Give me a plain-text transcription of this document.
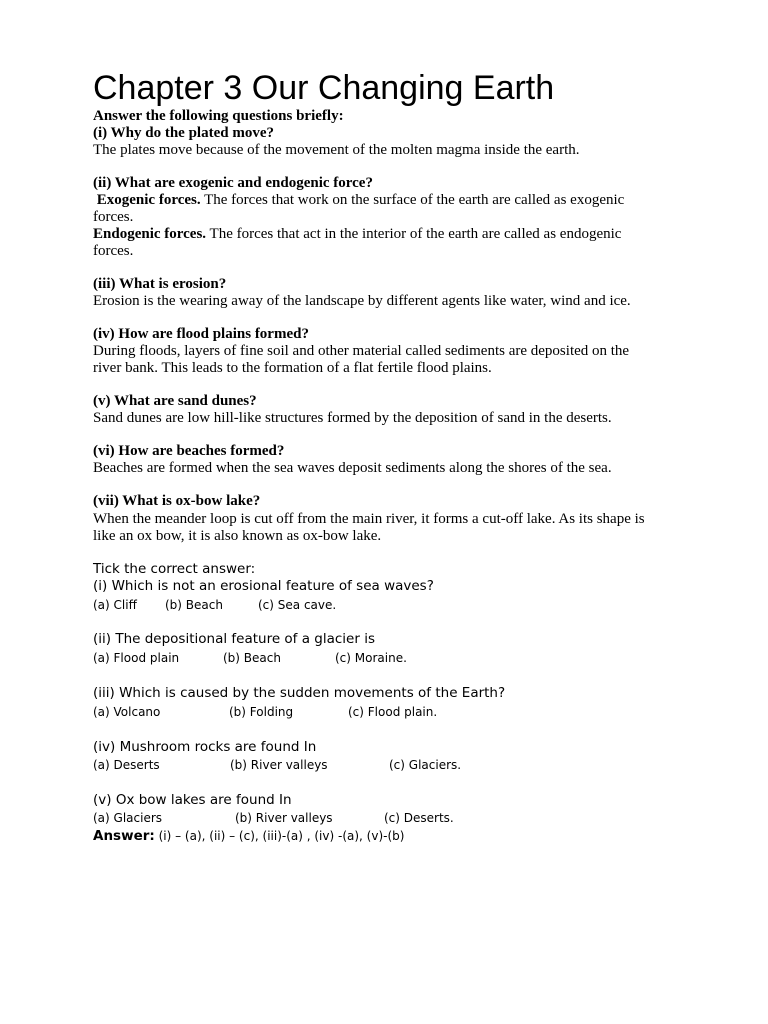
Chapter 3 Our Changing Earth
Answer the following questions briefly:
(i) Why do the plated move?
The plates move because of the movement of the molten magma inside the earth.
(ii) What are exogenic and endogenic force?
Exogenic forces. The forces that work on the surface of the earth are called as exogenic
forces.
Endogenic forces. The forces that act in the interior of the earth are called as endogenic
forces.
(iii) What is erosion?
Erosion is the wearing away of the landscape by different agents like water, wind and ice.
(iv) How are flood plains formed?
During floods, layers of fine soil and other material called sediments are deposited on the
river bank. This leads to the formation of a flat fertile flood plains.
(v) What are sand dunes?
Sand dunes are low hill-like structures formed by the deposition of sand in the deserts.
(vi) How are beaches formed?
Beaches are formed when the sea waves deposit sediments along the shores of the sea.
(vii) What is ox-bow lake?
When the meander loop is cut off from the main river, it forms a cut-off lake. As its shape is
like an ox bow, it is also known as ox-bow lake.
Tick the correct answer:
(i) Which is not an erosional feature of sea waves?
(a) Cliff (b) Beach	(c) Sea cave.
(ii) The depositional feature of a glacier is
(a) Flood plain	(b) Beach	(c) Moraine.
(iii) Which is caused by the sudden movements of the Earth?
(a) Volcano	(b) Folding	(c) Flood plain.
(iv) Mushroom rocks are found In
(a) Deserts	(b) River valleys	(c) Glaciers.
(v) Ox bow lakes are found In
(a) Glaciers	(b) River valleys	(c) Deserts.
Answer: (i) – (a), (ii) – (c), (iii)-(a) , (iv) -(a), (v)-(b)
